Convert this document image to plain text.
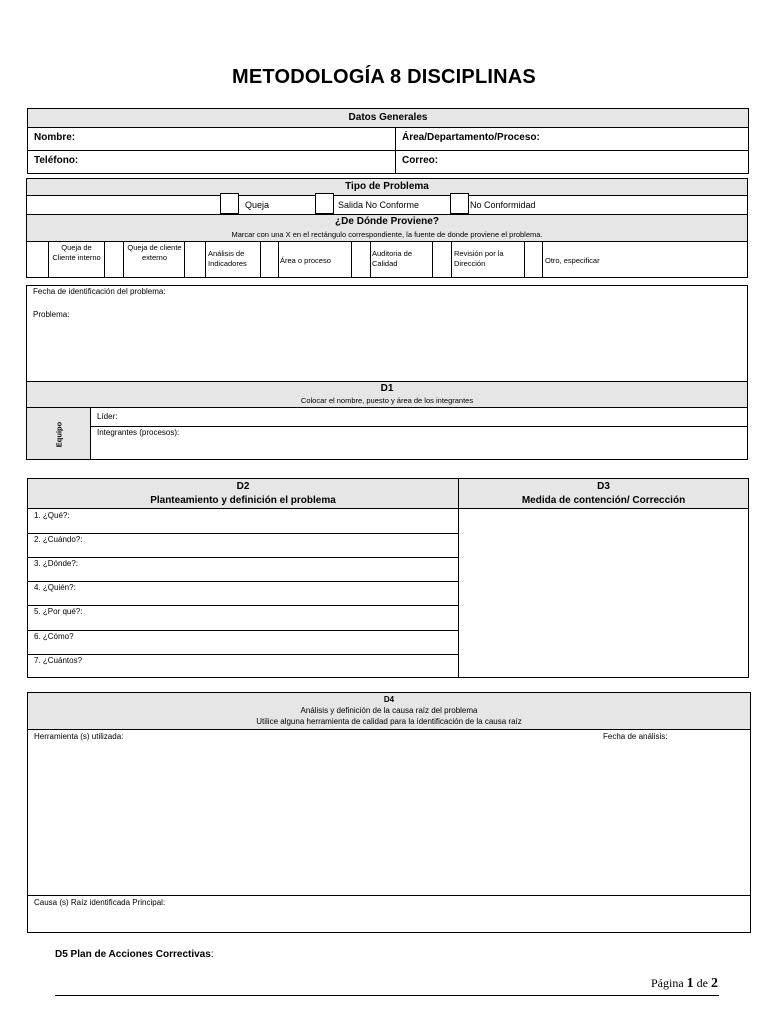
METODOLOGÍA 8 DISCIPLINAS
Datos Generales
Nombre:	Área/Departamento/Proceso:
Teléfono:	Correo:
Tipo de Problema
Queja	Salida No Conforme	No Conformidad
¿De Dónde Proviene?
Marcar con una X en el rectángulo correspondiente, la fuente de donde proviene el problema.
Queja de Cliente interno
Queja de cliente externo	Análisis de Indicadores	Área o proceso
Auditoria de Calidad
Revisión por la Dirección	Otro, especificar
Fecha de identificación del problema:
Problema:
D1
Colocar el nombre, puesto y área de los integrantes
Equipo
Líder:
Integrantes (procesos):
D2
Planteamiento y definición el problema
D3
Medida de contención/ Corrección
1. ¿Qué?:
2. ¿Cuándo?:
3. ¿Dónde?:
4. ¿Quién?:
5. ¿Por qué?:
6. ¿Cómo?
7. ¿Cuántos?
D4
Análisis y definición de la causa raíz del problema
Utilice alguna herramienta de calidad para la identificación de la causa raíz
Herramienta (s) utilizada:	Fecha de análisis:
Causa (s) Raíz identificada Principal:
D5 Plan de Acciones Correctivas:
Página 1 de 2
